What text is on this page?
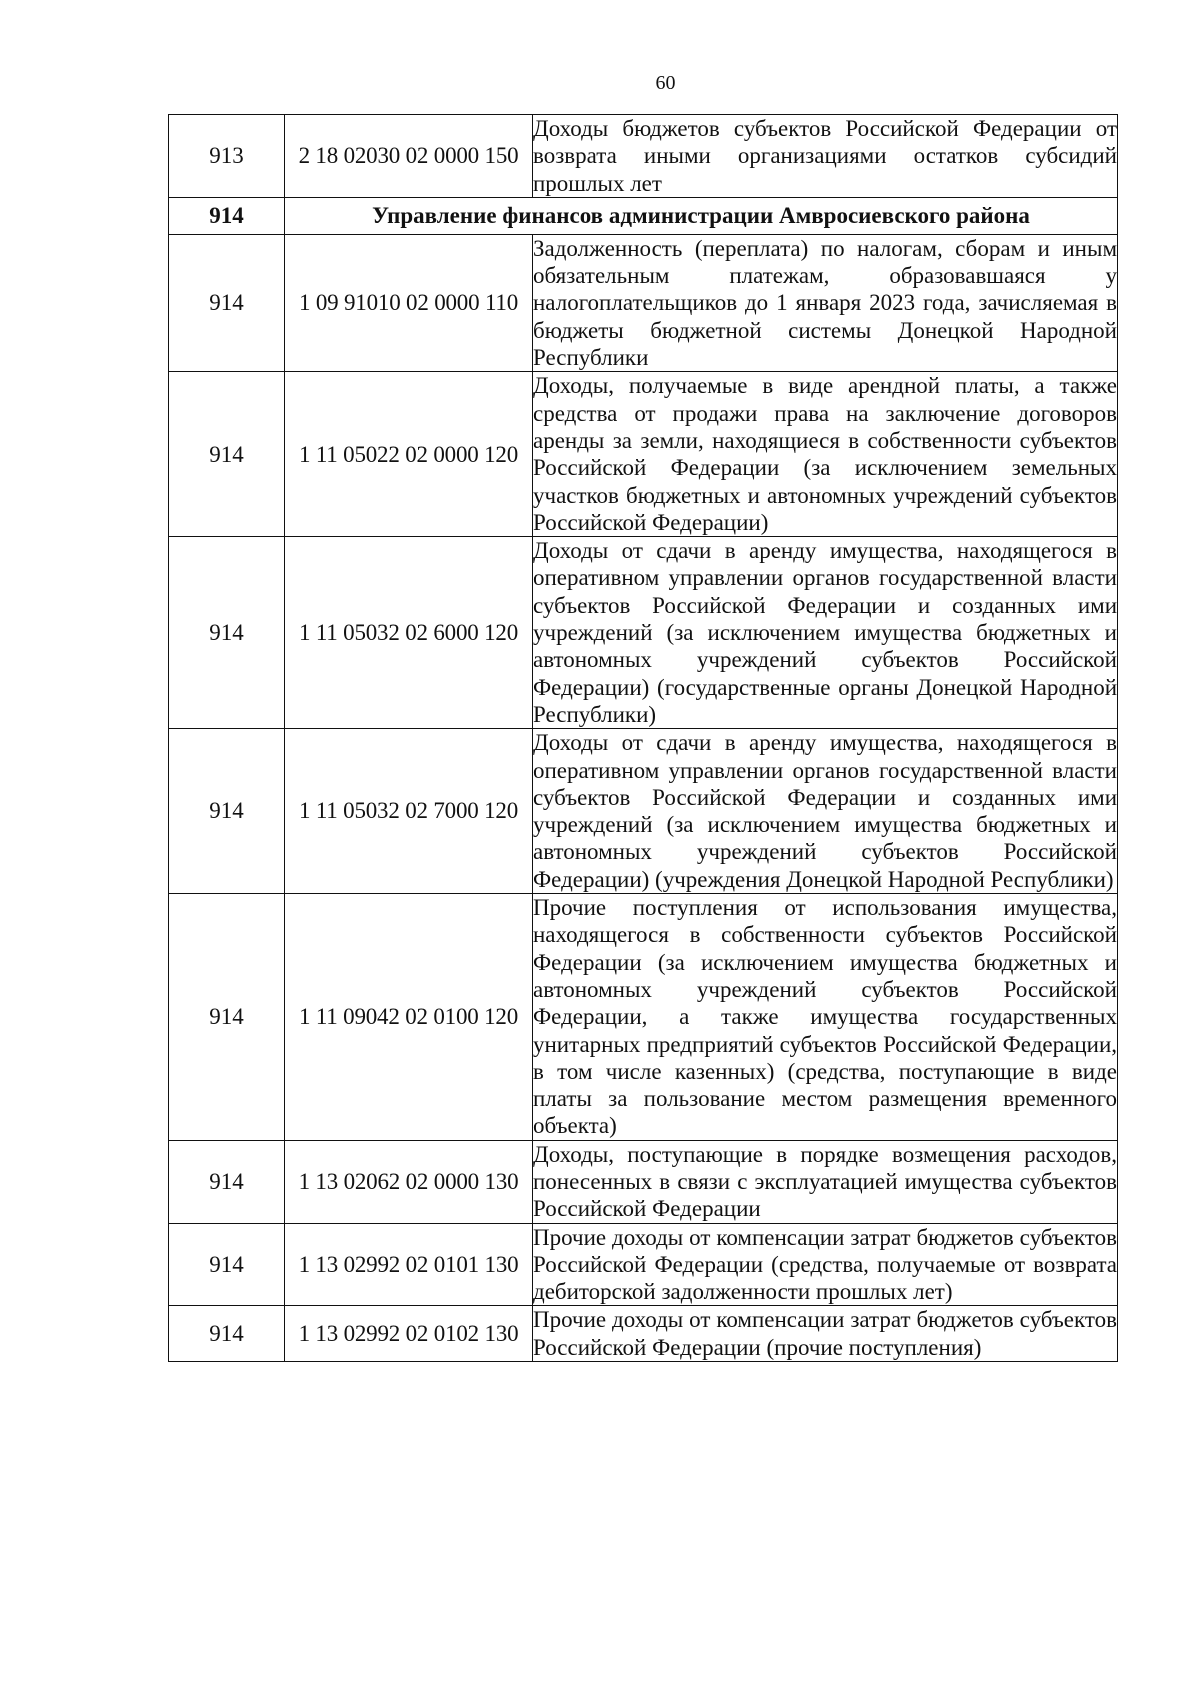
60
913	2 18 02030 02 0000 150	Доходы бюджетов субъектов Российской Федерации от возврата иными организациями остатков субсидий прошлых лет
914	Управление финансов администрации Амвросиевского района	
914	1 09 91010 02 0000 110	Задолженность (переплата) по налогам, сборам и иным обязательным платежам, образовавшаяся у налогоплательщиков до 1 января 2023 года, зачисляемая в бюджеты бюджетной системы Донецкой Народной Республики
914	1 11 05022 02 0000 120	Доходы, получаемые в виде арендной платы, а также средства от продажи права на заключение договоров аренды за земли, находящиеся в собственности субъектов Российской Федерации (за исключением земельных участков бюджетных и автономных учреждений субъектов Российской Федерации)
914	1 11 05032 02 6000 120	Доходы от сдачи в аренду имущества, находящегося в оперативном управлении органов государственной власти субъектов Российской Федерации и созданных ими учреждений (за исключением имущества бюджетных и автономных учреждений субъектов Российской Федерации) (государственные органы Донецкой Народной Республики)
914	1 11 05032 02 7000 120	Доходы от сдачи в аренду имущества, находящегося в оперативном управлении органов государственной власти субъектов Российской Федерации и созданных ими учреждений (за исключением имущества бюджетных и автономных учреждений субъектов Российской Федерации) (учреждения Донецкой Народной Республики)
914	1 11 09042 02 0100 120	Прочие поступления от использования имущества, находящегося в собственности субъектов Российской Федерации (за исключением имущества бюджетных и автономных учреждений субъектов Российской Федерации, а также имущества государственных унитарных предприятий субъектов Российской Федерации, в том числе казенных) (средства, поступающие в виде платы за пользование местом размещения временного объекта)
914	1 13 02062 02 0000 130	Доходы, поступающие в порядке возмещения расходов, понесенных в связи с эксплуатацией имущества субъектов Российской Федерации
914	1 13 02992 02 0101 130	Прочие доходы от компенсации затрат бюджетов субъектов Российской Федерации (средства, получаемые от возврата дебиторской задолженности прошлых лет)
914	1 13 02992 02 0102 130	Прочие доходы от компенсации затрат бюджетов субъектов Российской Федерации (прочие поступления)
